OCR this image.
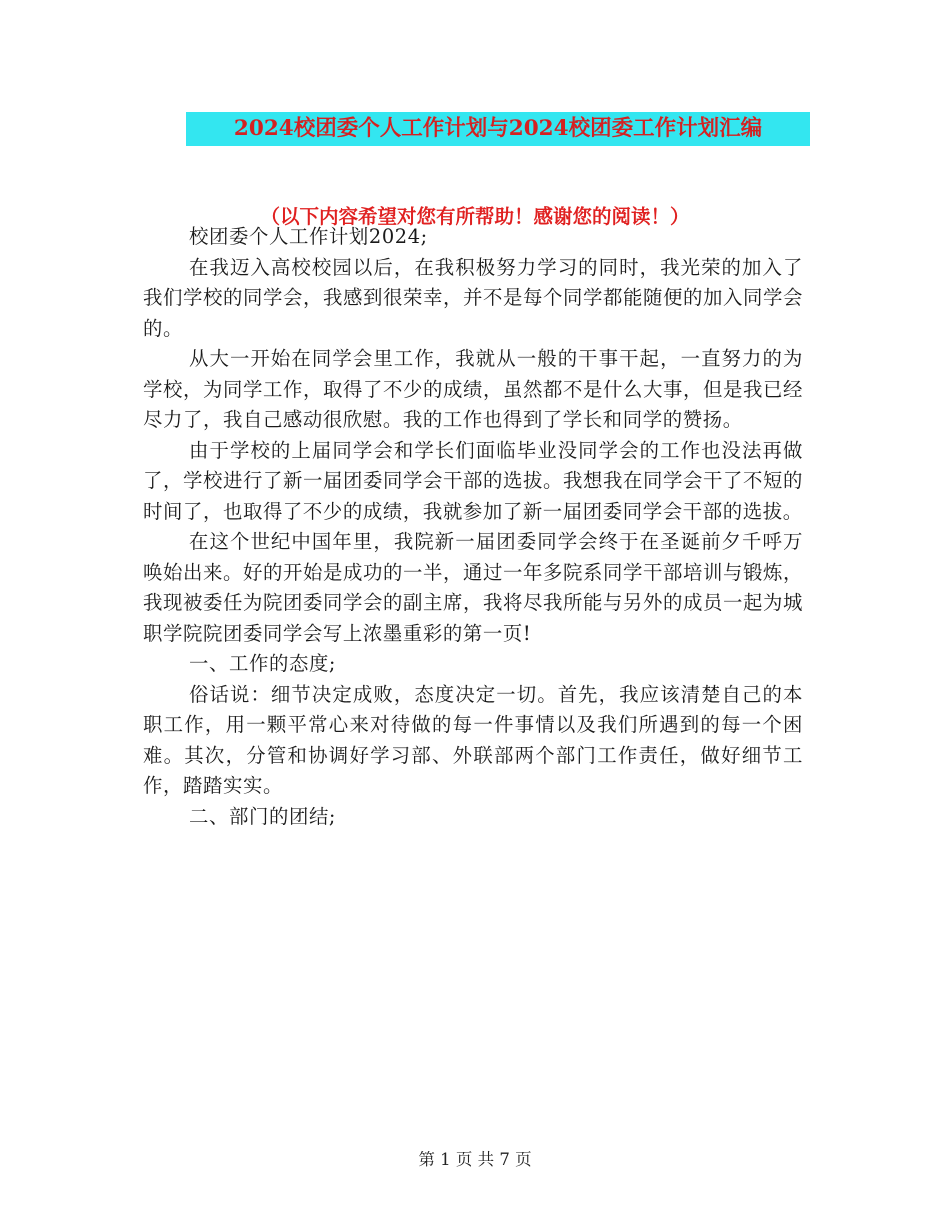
2024校团委个人工作计划与2024校团委工作计划汇编
（以下内容希望对您有所帮助！感谢您的阅读！）

校团委个人工作计划2024;

在我迈入高校校园以后，在我积极努力学习的同时，我光荣的加入了我们学校的同学会，我感到很荣幸，并不是每个同学都能随便的加入同学会的。

从大一开始在同学会里工作，我就从一般的干事干起，一直努力的为学校，为同学工作，取得了不少的成绩，虽然都不是什么大事，但是我已经尽力了，我自己感动很欣慰。我的工作也得到了学长和同学的赞扬。

由于学校的上届同学会和学长们面临毕业没同学会的工作也没法再做了，学校进行了新一届团委同学会干部的选拔。我想我在同学会干了不短的时间了，也取得了不少的成绩，我就参加了新一届团委同学会干部的选拔。

在这个世纪中国年里，我院新一届团委同学会终于在圣诞前夕千呼万唤始出来。好的开始是成功的一半，通过一年多院系同学干部培训与锻炼，我现被委任为院团委同学会的副主席，我将尽我所能与另外的成员一起为城职学院院团委同学会写上浓墨重彩的第一页!

一、工作的态度;

俗话说：细节决定成败，态度决定一切。首先，我应该清楚自己的本职工作，用一颗平常心来对待做的每一件事情以及我们所遇到的每一个困难。其次，分管和协调好学习部、外联部两个部门工作责任，做好细节工作，踏踏实实。

二、部门的团结;

第 1 页 共 7 页
